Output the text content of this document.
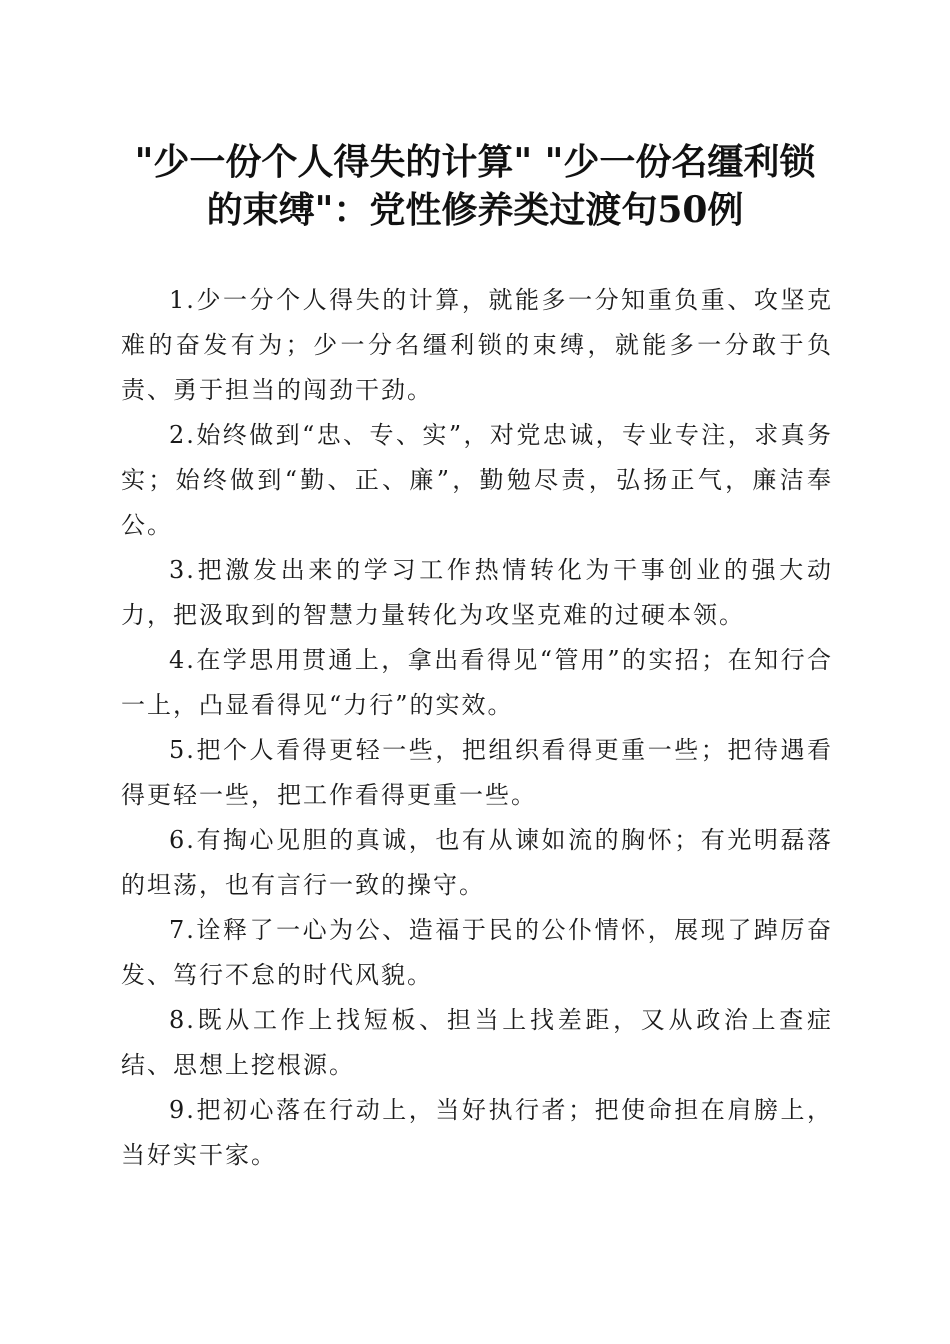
"少一份个人得失的计算" "少一份名缰利锁
的束缚"：党性修养类过渡句50例

1.少一分个人得失的计算，就能多一分知重负重、攻坚克难的奋发有为；少一分名缰利锁的束缚，就能多一分敢于负责、勇于担当的闯劲干劲。

2.始终做到“忠、专、实”，对党忠诚，专业专注，求真务实；始终做到“勤、正、廉”，勤勉尽责，弘扬正气，廉洁奉公。

3.把激发出来的学习工作热情转化为干事创业的强大动力，把汲取到的智慧力量转化为攻坚克难的过硬本领。

4.在学思用贯通上，拿出看得见“管用”的实招；在知行合一上，凸显看得见“力行”的实效。

5.把个人看得更轻一些，把组织看得更重一些；把待遇看得更轻一些，把工作看得更重一些。

6.有掏心见胆的真诚，也有从谏如流的胸怀；有光明磊落的坦荡，也有言行一致的操守。

7.诠释了一心为公、造福于民的公仆情怀，展现了踔厉奋发、笃行不怠的时代风貌。

8.既从工作上找短板、担当上找差距，又从政治上查症结、思想上挖根源。

9.把初心落在行动上，当好执行者；把使命担在肩膀上，当好实干家。
